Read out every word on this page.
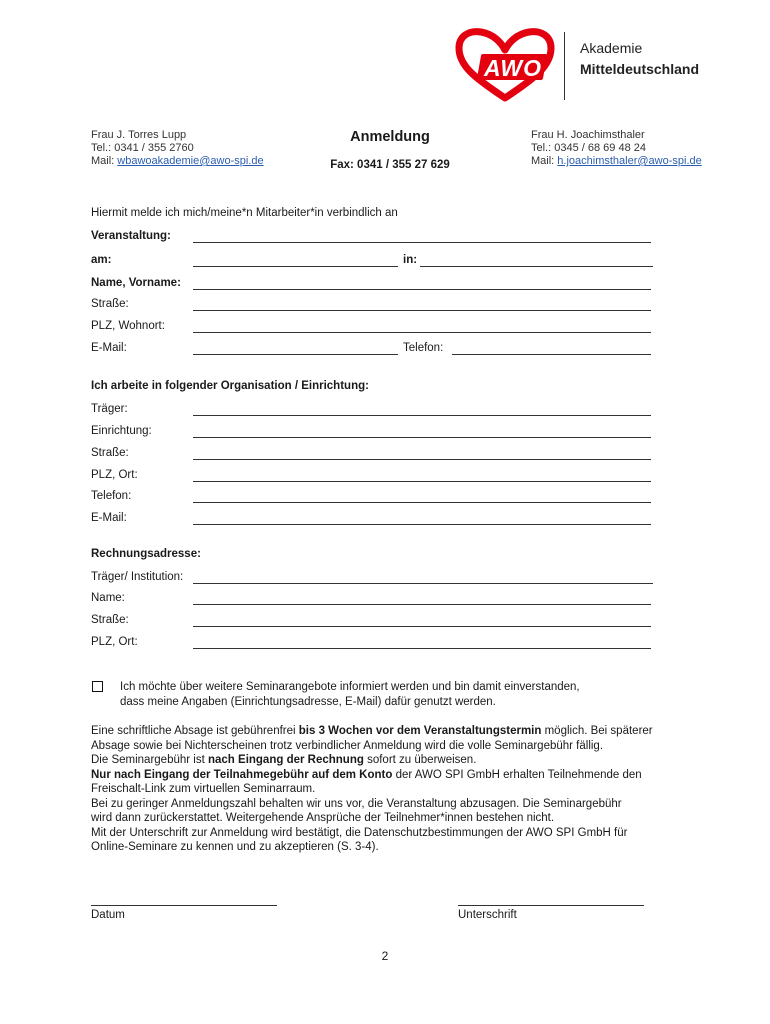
AWO
Akademie
Mitteldeutschland
Frau J. Torres Lupp
Tel.: 0341 / 355 2760
Mail: wbawoakademie@awo-spi.de
Anmeldung
Fax: 0341 / 355 27 629
Frau H. Joachimsthaler
Tel.: 0345 / 68 69 48 24
Mail: h.joachimsthaler@awo-spi.de
Hiermit melde ich mich/meine*n Mitarbeiter*in verbindlich an
Veranstaltung:
am:	in:
Name, Vorname:
Straße:
PLZ, Wohnort:
E-Mail:	Telefon:
Ich arbeite in folgender Organisation / Einrichtung:
Träger:
Einrichtung:
Straße:
PLZ, Ort:
Telefon:
E-Mail:
Rechnungsadresse:
Träger/ Institution:
Name:
Straße:
PLZ, Ort:
Ich möchte über weitere Seminarangebote informiert werden und bin damit einverstanden,
dass meine Angaben (Einrichtungsadresse, E-Mail) dafür genutzt werden.
Eine schriftliche Absage ist gebührenfrei bis 3 Wochen vor dem Veranstaltungstermin möglich. Bei späterer
Absage sowie bei Nichterscheinen trotz verbindlicher Anmeldung wird die volle Seminargebühr fällig.
Die Seminargebühr ist nach Eingang der Rechnung sofort zu überweisen.
Nur nach Eingang der Teilnahmegebühr auf dem Konto der AWO SPI GmbH erhalten Teilnehmende den
Freischalt-Link zum virtuellen Seminarraum.
Bei zu geringer Anmeldungszahl behalten wir uns vor, die Veranstaltung abzusagen. Die Seminargebühr
wird dann zurückerstattet. Weitergehende Ansprüche der Teilnehmer*innen bestehen nicht.
Mit der Unterschrift zur Anmeldung wird bestätigt, die Datenschutzbestimmungen der AWO SPI GmbH für
Online-Seminare zu kennen und zu akzeptieren (S. 3-4).
Datum	Unterschrift
2
